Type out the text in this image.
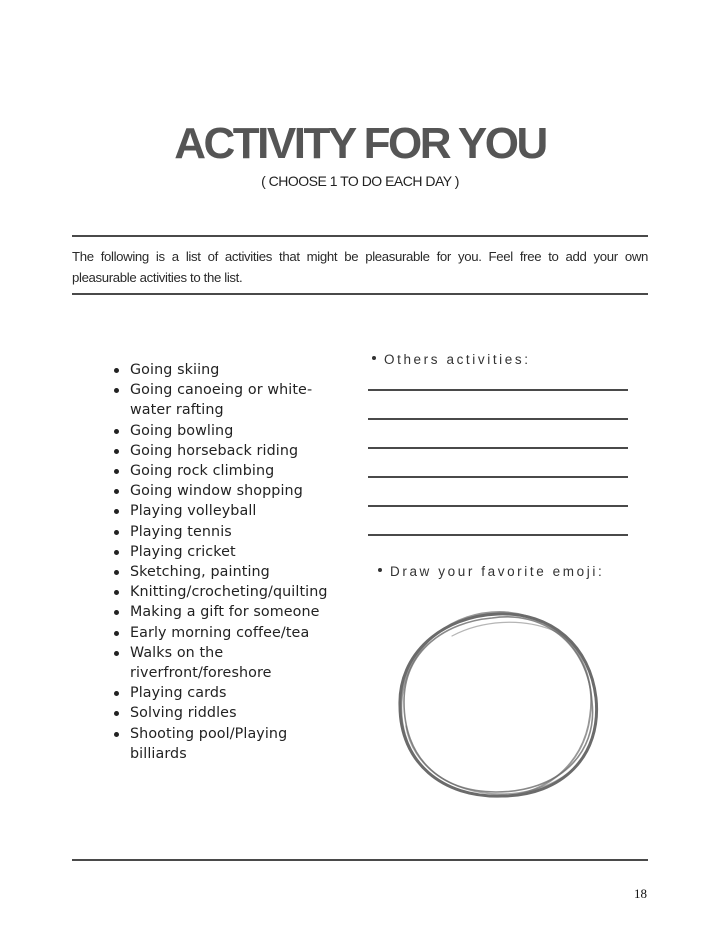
ACTIVITY FOR YOU
( CHOOSE 1 TO DO EACH DAY )

The following is a list of activities that might be pleasurable for you. Feel free to add your own pleasurable activities to the list.

Going skiing
Going canoeing or white-water rafting
Going bowling
Going horseback riding
Going rock climbing
Going window shopping
Playing volleyball
Playing tennis
Playing cricket
Sketching, painting
Knitting/crocheting/quilting
Making a gift for someone
Early morning coffee/tea
Walks on the riverfront/foreshore
Playing cards
Solving riddles
Shooting pool/Playing billiards
Others activities:
Draw your favorite emoji:
18
